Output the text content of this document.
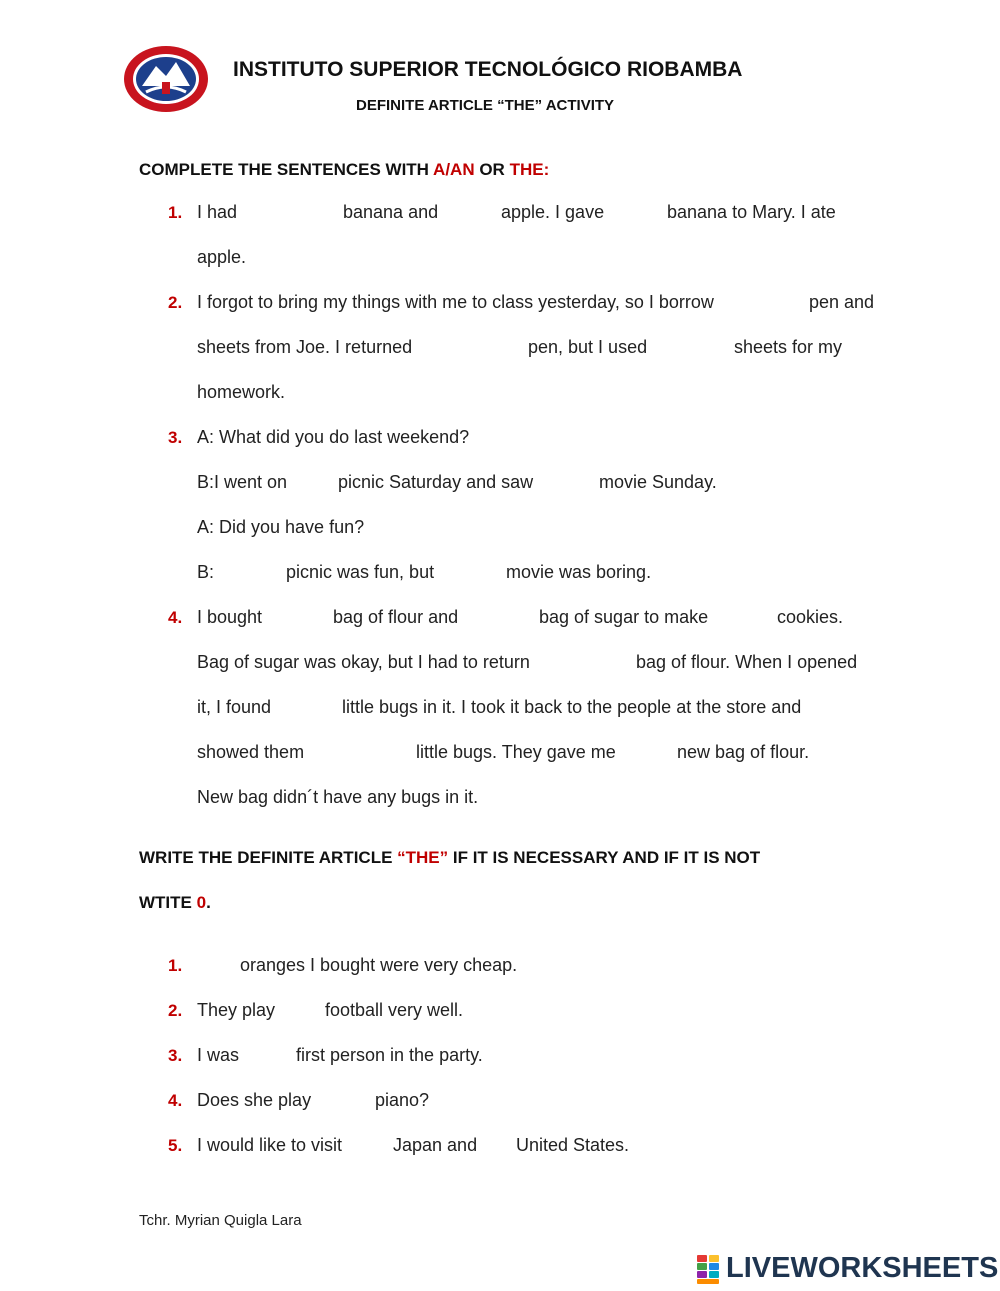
INSTITUTO SUPERIOR TECNOLÓGICO RIOBAMBA
DEFINITE ARTICLE “THE” ACTIVITY
COMPLETE THE SENTENCES WITH A/AN OR THE:
1. I had	banana and	apple. I gave	banana to Mary. I ate
apple.
2. I forgot to bring my things with me to class yesterday, so I borrow	pen and
sheets from Joe. I returned	pen, but I used	sheets for my
homework.
3. A: What did you do last weekend?
B:I went on	picnic Saturday and saw	movie Sunday.
A: Did you have fun?
B:	picnic was fun, but	movie was boring.
4. I bought	bag of flour and	bag of sugar to make	cookies.
Bag of sugar was okay, but I had to return	bag of flour. When I opened
it, I found	little bugs in it. I took it back to the people at the store and
showed them	little bugs. They gave me	new bag of flour.
New bag didn´t have any bugs in it.
WRITE THE DEFINITE ARTICLE “THE” IF IT IS NECESSARY AND IF IT IS NOT
WTITE 0.
1.	oranges I bought were very cheap.
2. They play	football very well.
3. I was	first person in the party.
4. Does she play	piano?
5. I would like to visit	Japan and United States.
Tchr. Myrian Quigla Lara
LIVEWORKSHEETS
